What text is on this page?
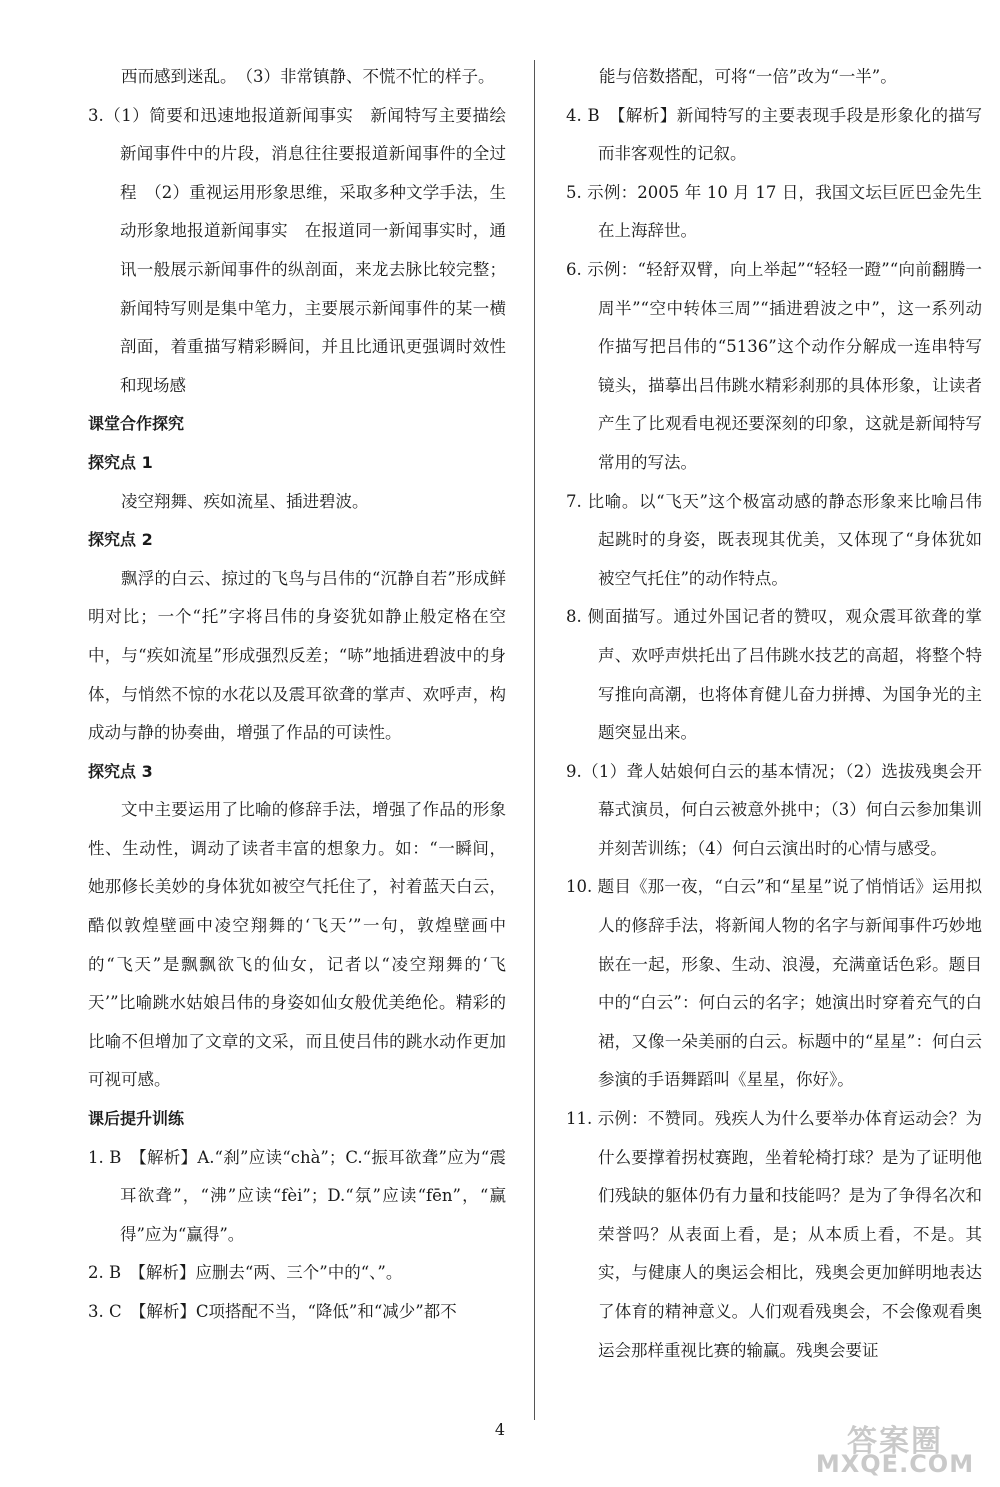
西而感到迷乱。　（3）非常镇静、不慌不忙的样子。

3.（1）简要和迅速地报道新闻事实　新闻特写主要描绘新闻事件中的片段，消息往往要报道新闻事件的全过程　（2）重视运用形象思维，采取多种文学手法，生动形象地报道新闻事实　在报道同一新闻事实时，通讯一般展示新闻事件的纵剖面，来龙去脉比较完整；新闻特写则是集中笔力，主要展示新闻事件的某一横剖面，着重描写精彩瞬间，并且比通讯更强调时效性和现场感

课堂合作探究

探究点 1

凌空翔舞、疾如流星、插进碧波。

探究点 2

飘浮的白云、掠过的飞鸟与吕伟的“沉静自若”形成鲜明对比；一个“托”字将吕伟的身姿犹如静止般定格在空中，与“疾如流星”形成强烈反差；“哧”地插进碧波中的身体，与悄然不惊的水花以及震耳欲聋的掌声、欢呼声，构成动与静的协奏曲，增强了作品的可读性。

探究点 3

文中主要运用了比喻的修辞手法，增强了作品的形象性、生动性，调动了读者丰富的想象力。如：“一瞬间，她那修长美妙的身体犹如被空气托住了，衬着蓝天白云，酷似敦煌壁画中凌空翔舞的‘飞天’”一句，敦煌壁画中的“飞天”是飘飘欲飞的仙女，记者以“凌空翔舞的‘飞天’”比喻跳水姑娘吕伟的身姿如仙女般优美绝伦。精彩的比喻不但增加了文章的文采，而且使吕伟的跳水动作更加可视可感。

课后提升训练

1. B　【解析】A.“刹”应读“chà”；C.“振耳欲聋”应为“震耳欲聋”，“沸”应读“fèi”；D.“氛”应读“fēn”，“赢得”应为“赢得”。

2. B　【解析】应删去“两、三个”中的“、”。

3. C　【解析】C项搭配不当，“降低”和“减少”都不

能与倍数搭配，可将“一倍”改为“一半”。

4. B　【解析】新闻特写的主要表现手段是形象化的描写而非客观性的记叙。

5. 示例：2005 年 10 月 17 日，我国文坛巨匠巴金先生在上海辞世。

6. 示例：“轻舒双臂，向上举起”“轻轻一蹬”“向前翻腾一周半”“空中转体三周”“插进碧波之中”，这一系列动作描写把吕伟的“5136”这个动作分解成一连串特写镜头，描摹出吕伟跳水精彩刹那的具体形象，让读者产生了比观看电视还要深刻的印象，这就是新闻特写常用的写法。

7. 比喻。以“飞天”这个极富动感的静态形象来比喻吕伟起跳时的身姿，既表现其优美，又体现了“身体犹如被空气托住”的动作特点。

8. 侧面描写。通过外国记者的赞叹，观众震耳欲聋的掌声、欢呼声烘托出了吕伟跳水技艺的高超，将整个特写推向高潮，也将体育健儿奋力拼搏、为国争光的主题突显出来。

9.（1）聋人姑娘何白云的基本情况；（2）选拔残奥会开幕式演员，何白云被意外挑中；（3）何白云参加集训并刻苦训练；（4）何白云演出时的心情与感受。

10. 题目《那一夜，“白云”和“星星”说了悄悄话》运用拟人的修辞手法，将新闻人物的名字与新闻事件巧妙地嵌在一起，形象、生动、浪漫，充满童话色彩。题目中的“白云”：何白云的名字；她演出时穿着充气的白裙，又像一朵美丽的白云。标题中的“星星”：何白云参演的手语舞蹈叫《星星，你好》。

11. 示例：不赞同。残疾人为什么要举办体育运动会？为什么要撑着拐杖赛跑，坐着轮椅打球？是为了证明他们残缺的躯体仍有力量和技能吗？是为了争得名次和荣誉吗？从表面上看，是；从本质上看，不是。其实，与健康人的奥运会相比，残奥会更加鲜明地表达了体育的精神意义。人们观看残奥会，不会像观看奥运会那样重视比赛的输赢。残奥会要证

4	答案圈
MXQE.COM
